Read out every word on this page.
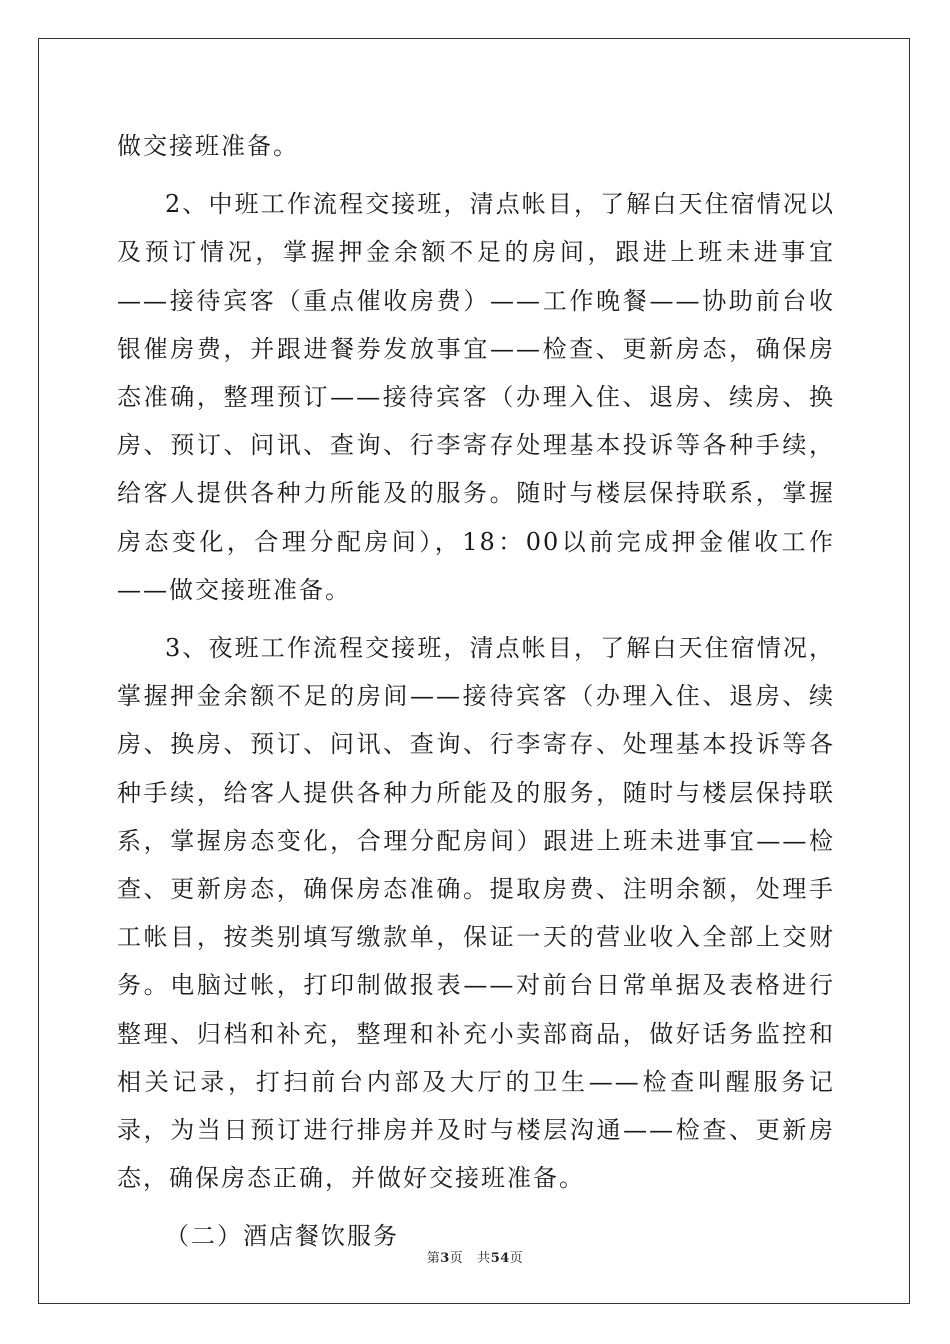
做交接班准备。

2、中班工作流程交接班，清点帐目，了解白天住宿情况以及预订情况，掌握押金余额不足的房间，跟进上班未进事宜——接待宾客（重点催收房费）——工作晚餐——协助前台收银催房费，并跟进餐券发放事宜——检查、更新房态，确保房态准确，整理预订——接待宾客（办理入住、退房、续房、换房、预订、问讯、查询、行李寄存处理基本投诉等各种手续，给客人提供各种力所能及的服务。随时与楼层保持联系，掌握房态变化，合理分配房间），18：00以前完成押金催收工作——做交接班准备。

3、夜班工作流程交接班，清点帐目，了解白天住宿情况，掌握押金余额不足的房间——接待宾客（办理入住、退房、续房、换房、预订、问讯、查询、行李寄存、处理基本投诉等各种手续，给客人提供各种力所能及的服务，随时与楼层保持联系，掌握房态变化，合理分配房间）跟进上班未进事宜——检查、更新房态，确保房态准确。提取房费、注明余额，处理手工帐目，按类别填写缴款单，保证一天的营业收入全部上交财务。电脑过帐，打印制做报表——对前台日常单据及表格进行整理、归档和补充，整理和补充小卖部商品，做好话务监控和相关记录，打扫前台内部及大厅的卫生——检查叫醒服务记录，为当日预订进行排房并及时与楼层沟通——检查、更新房态，确保房态正确，并做好交接班准备。

（二）酒店餐饮服务

第3页 共54页
